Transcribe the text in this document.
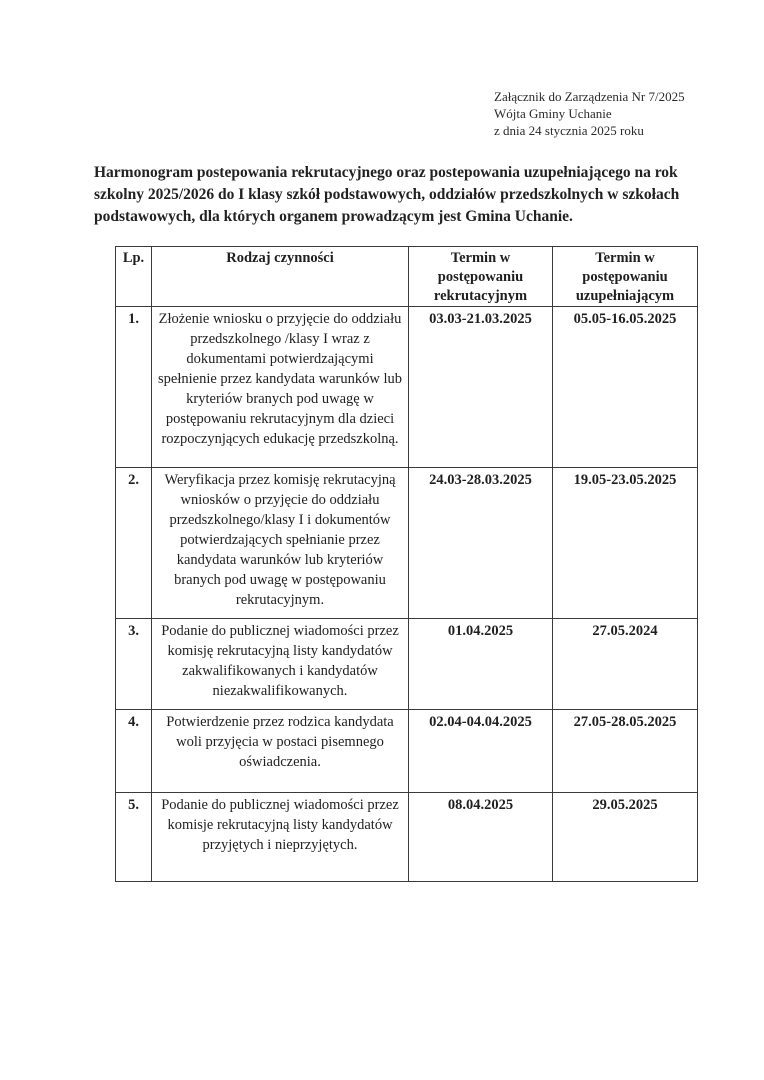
Załącznik do Zarządzenia Nr 7/2025
Wójta Gminy Uchanie
z dnia 24 stycznia 2025 roku
Harmonogram postepowania rekrutacyjnego oraz postepowania uzupełniającego na rok szkolny 2025/2026 do I klasy szkół podstawowych, oddziałów przedszkolnych w szkołach podstawowych, dla których organem prowadzącym jest Gmina Uchanie.
Lp.	Rodzaj czynności	Termin w postępowaniu rekrutacyjnym	Termin w postępowaniu uzupełniającym
1.	Złożenie wniosku o przyjęcie do oddziału przedszkolnego /klasy I wraz z dokumentami potwierdzającymi spełnienie przez kandydata warunków lub kryteriów branych pod uwagę w postępowaniu rekrutacyjnym dla dzieci rozpoczynjących edukację przedszkolną.	03.03-21.03.2025	05.05-16.05.2025
2.	Weryfikacja przez komisję rekrutacyjną wniosków o przyjęcie do oddziału przedszkolnego/klasy I i dokumentów potwierdzających spełnianie przez kandydata warunków lub kryteriów branych pod uwagę w postępowaniu rekrutacyjnym.	24.03-28.03.2025	19.05-23.05.2025
3.	Podanie do publicznej wiadomości przez komisję rekrutacyjną listy kandydatów zakwalifikowanych i kandydatów niezakwalifikowanych.	01.04.2025	27.05.2024
4.	Potwierdzenie przez rodzica kandydata woli przyjęcia w postaci pisemnego oświadczenia.	02.04-04.04.2025	27.05-28.05.2025
5.	Podanie do publicznej wiadomości przez komisje rekrutacyjną listy kandydatów przyjętych i nieprzyjętych.	08.04.2025	29.05.2025
